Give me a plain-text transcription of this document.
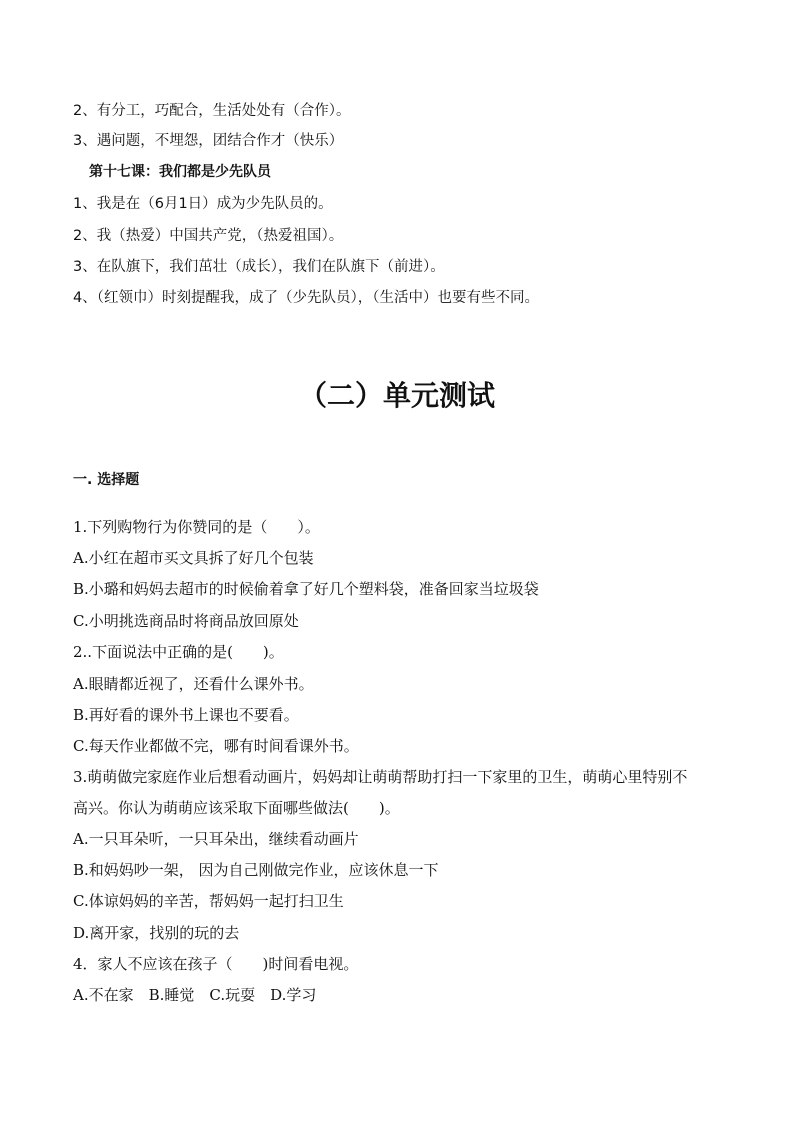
2、有分工，巧配合，生活处处有（合作）。
3、遇问题，不埋怨，团结合作才（快乐）
第十七课：我们都是少先队员
1、我是在（6月1日）成为少先队员的。
2、我（热爱）中国共产党，（热爱祖国）。
3、在队旗下，我们茁壮（成长），我们在队旗下（前进）。
4、（红领巾）时刻提醒我，成了（少先队员），（生活中）也要有些不同。
（二）单元测试
一. 选择题
1.下列购物行为你赞同的是（　　）。
A.小红在超市买文具拆了好几个包装
B.小璐和妈妈去超市的时候偷着拿了好几个塑料袋，准备回家当垃圾袋
C.小明挑选商品时将商品放回原处
2..下面说法中正确的是(　　)。
A.眼睛都近视了，还看什么课外书。
B.再好看的课外书上课也不要看。
C.每天作业都做不完，哪有时间看课外书。
3.萌萌做完家庭作业后想看动画片，妈妈却让萌萌帮助打扫一下家里的卫生，萌萌心里特别不
高兴。你认为萌萌应该采取下面哪些做法(　　)。
A.一只耳朵听，一只耳朵出，继续看动画片
B.和妈妈吵一架， 因为自己刚做完作业，应该休息一下
C.体谅妈妈的辛苦，帮妈妈一起打扫卫生
D.离开家，找别的玩的去
4．家人不应该在孩子（　　)时间看电视。
A.不在家　B.睡觉　C.玩耍　D.学习
